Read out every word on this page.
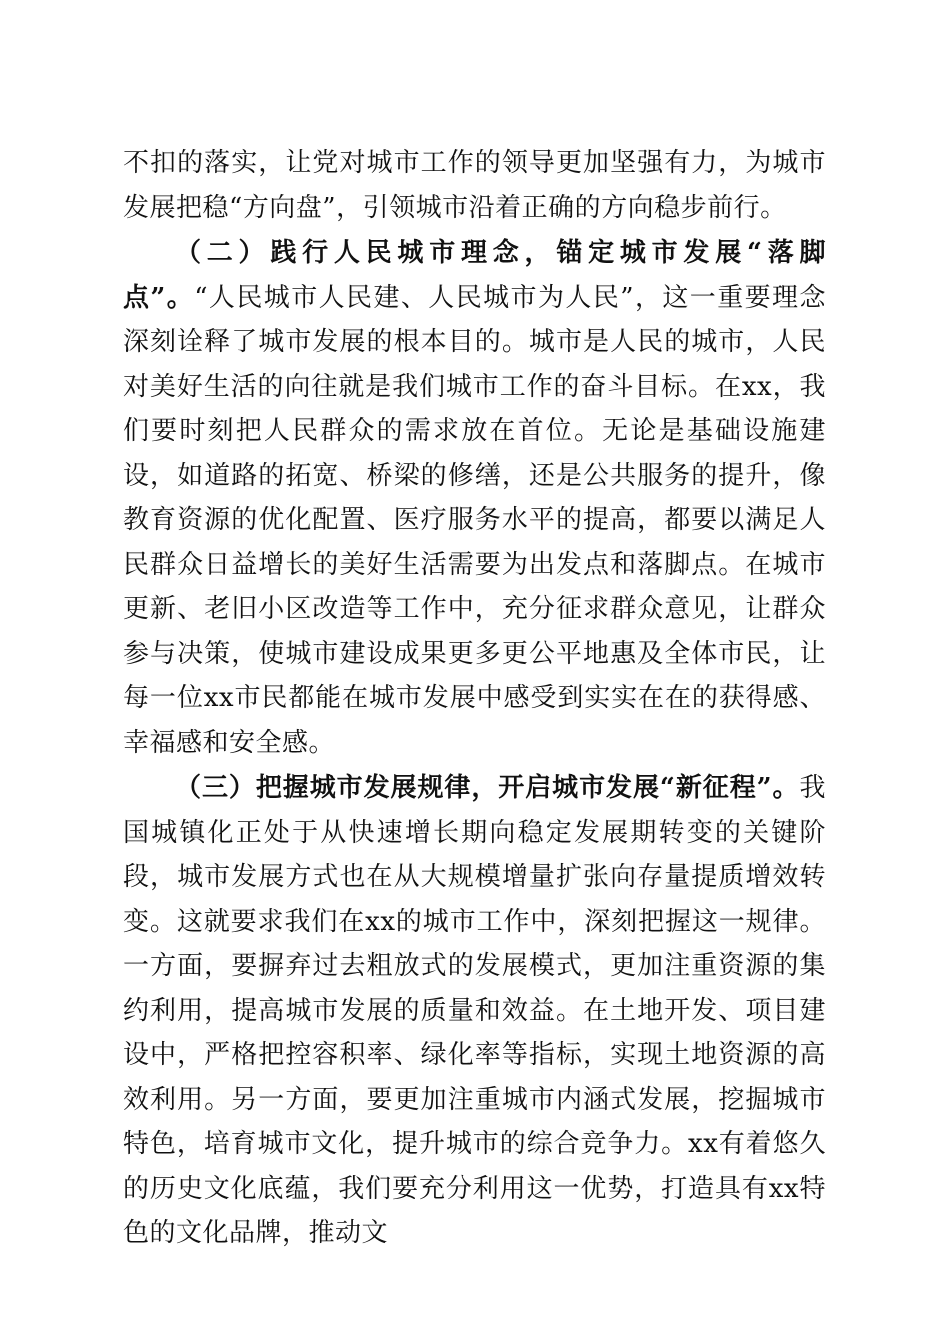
不扣的落实，让党对城市工作的领导更加坚强有力，为城市发展把稳“方向盘”，引领城市沿着正确的方向稳步前行。

（二）践行人民城市理念，锚定城市发展“落脚点”。“人民城市人民建、人民城市为人民”，这一重要理念深刻诠释了城市发展的根本目的。城市是人民的城市，人民对美好生活的向往就是我们城市工作的奋斗目标。在xx，我们要时刻把人民群众的需求放在首位。无论是基础设施建设，如道路的拓宽、桥梁的修缮，还是公共服务的提升，像教育资源的优化配置、医疗服务水平的提高，都要以满足人民群众日益增长的美好生活需要为出发点和落脚点。在城市更新、老旧小区改造等工作中，充分征求群众意见，让群众参与决策，使城市建设成果更多更公平地惠及全体市民，让每一位xx市民都能在城市发展中感受到实实在在的获得感、幸福感和安全感。

（三）把握城市发展规律，开启城市发展“新征程”。我国城镇化正处于从快速增长期向稳定发展期转变的关键阶段，城市发展方式也在从大规模增量扩张向存量提质增效转变。这就要求我们在xx的城市工作中，深刻把握这一规律。一方面，要摒弃过去粗放式的发展模式，更加注重资源的集约利用，提高城市发展的质量和效益。在土地开发、项目建设中，严格把控容积率、绿化率等指标，实现土地资源的高效利用。另一方面，要更加注重城市内涵式发展，挖掘城市特色，培育城市文化，提升城市的综合竞争力。xx有着悠久的历史文化底蕴，我们要充分利用这一优势，打造具有xx特色的文化品牌，推动文
